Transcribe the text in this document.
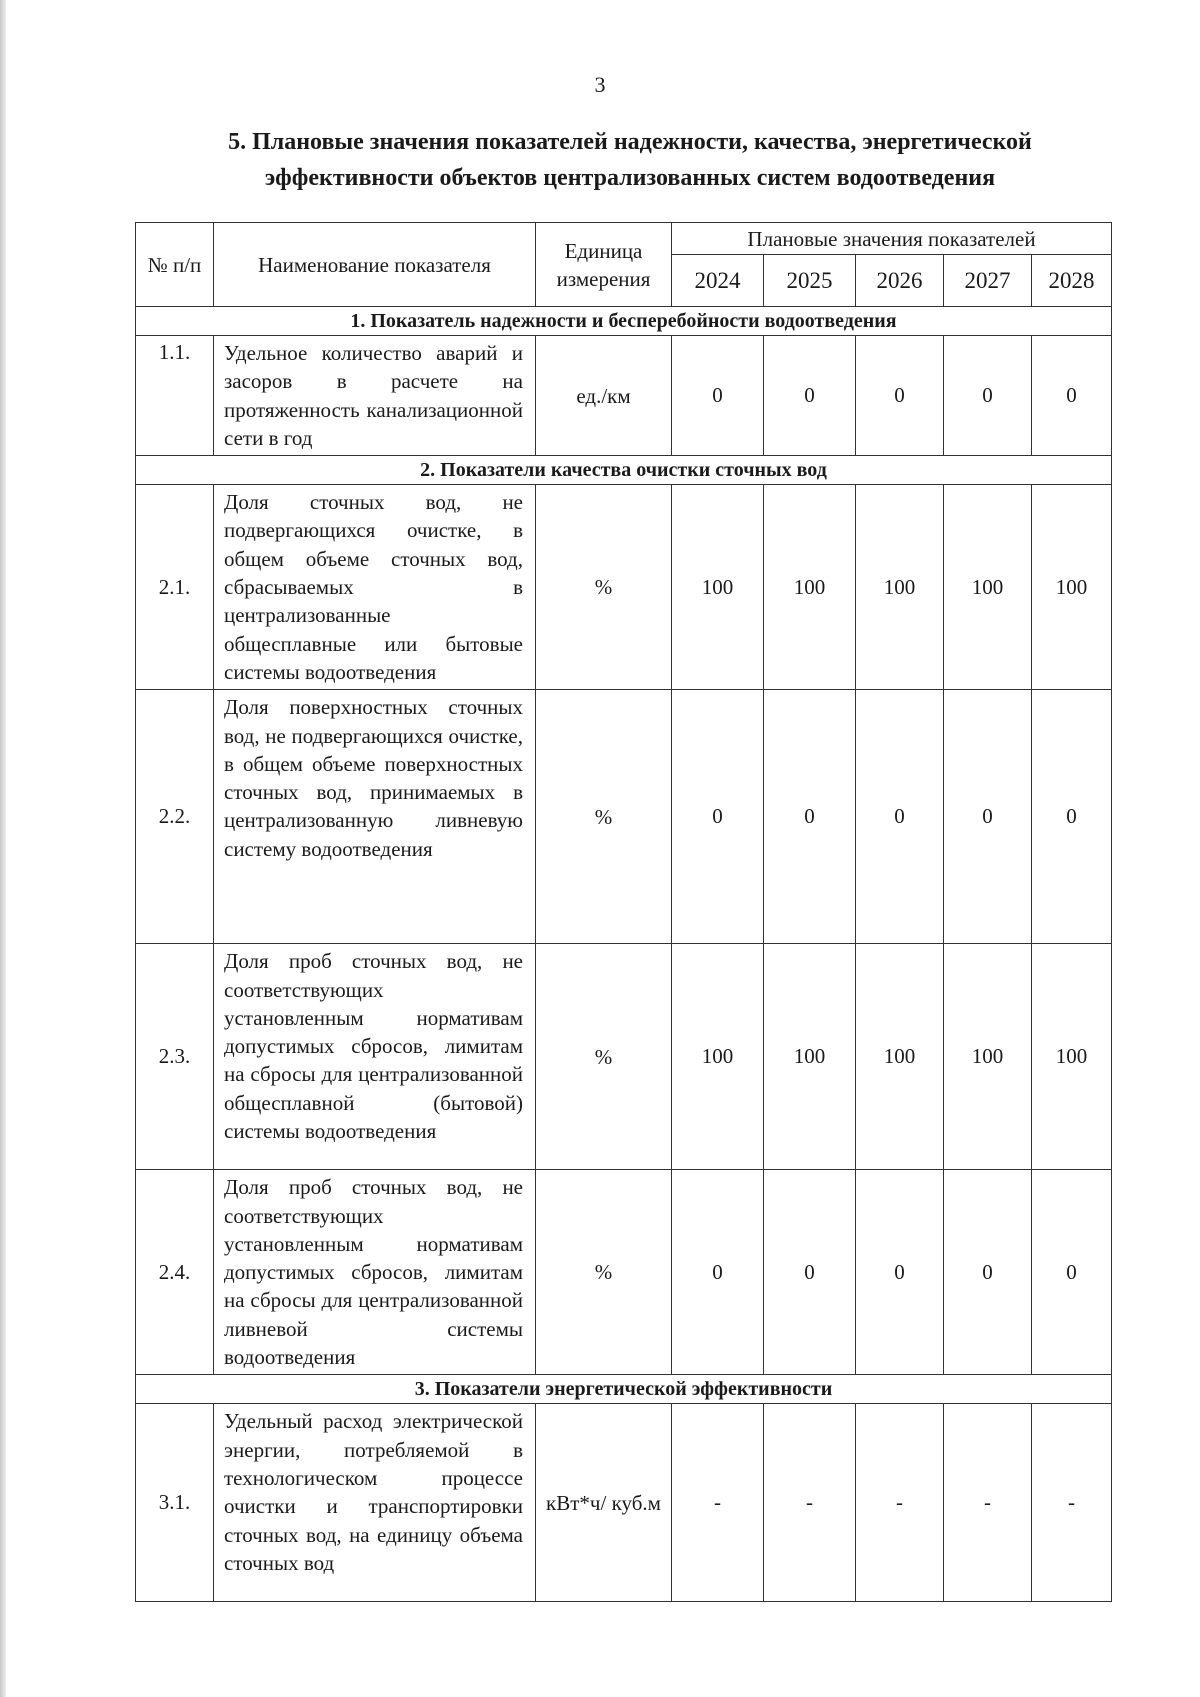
3
5. Плановые значения показателей надежности, качества, энергетической
эффективности объектов централизованных систем водоотведения
№ п/п	Наименование показателя	Единица измерения	Плановые значения показателей				
			2024	2025	2026	2027	2028
1. Показатель надежности и бесперебойности водоотведения							
1.1.	Удельное количество аварий и засоров в расчете на протяженность канализационной сети в год	ед./км	0	0	0	0	0
2. Показатели качества очистки сточных вод							
2.1.	Доля сточных вод, не подвергающихся очистке, в общем объеме сточных вод, сбрасываемых в централизованные общесплавные или бытовые системы водоотведения	%	100	100	100	100	100
2.2.	Доля поверхностных сточных вод, не подвергающихся очистке, в общем объеме поверхностных сточных вод, принимаемых в централизованную ливневую систему водоотведения	%	0	0	0	0	0
2.3.	Доля проб сточных вод, не соответствующих установленным нормативам допустимых сбросов, лимитам на сбросы для централизованной общесплавной (бытовой) системы водоотведения	%	100	100	100	100	100
2.4.	Доля проб сточных вод, не соответствующих установленным нормативам допустимых сбросов, лимитам на сбросы для централизованной ливневой системы водоотведения	%	0	0	0	0	0
3. Показатели энергетической эффективности							
3.1.	Удельный расход электрической энергии, потребляемой в технологическом процессе очистки и транспортировки сточных вод, на единицу объема сточных вод	кВт*ч/ куб.м	-	-	-	-	-
